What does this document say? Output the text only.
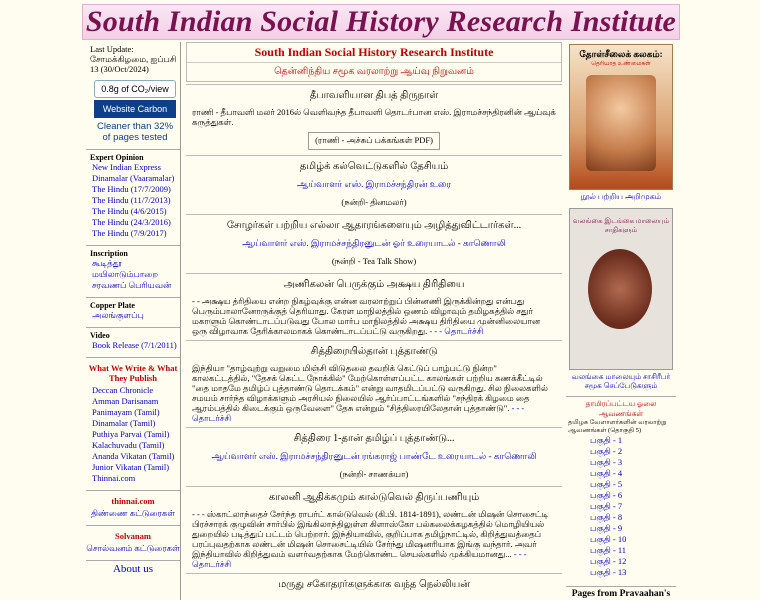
South Indian Social History Research Institute
Last Update: சோமக்கிழமை, ஐப்பசி 13 (30/Oct/2024)
0.8g of CO₂/view
Website Carbon
Cleaner than 32% of pages tested
Expert Opinion
New Indian Express
Dinamalar (Vaaramalar)
The Hindu (17/7/2009)
The Hindu (11/7/2013)
The Hindu (4/6/2015)
The Hindu (24/3/2016)
The Hindu (7/9/2017)
Inscription
கூடித்தூ
மயிலாடும்பாறை
சரவணப் பெரியவன்
Copper Plate
அலங்குளப்பு
Video
Book Release (7/1/2011)
What We Write & What They Publish
Deccan Chronicle
Amman Darisanam
Panimayam (Tamil)
Dinamalar (Tamil)
Puthiya Parvai (Tamil)
Kalachuvadu (Tamil)
Ananda Vikatan (Tamil)
Junior Vikatan (Tamil)
Thinnai.com
thinnai.com
திண்ணை கட்டுரைகள்
Solvanam
சொல்வனம் கட்டுரைகள்
About us
South Indian Social History Research Institute
தென்னிந்திய சமூக வரலாற்று ஆய்வு நிறுவனம்
தீபாவளியான திபத் திருநாள்
ராணி - தீபாவளி மலர் 2016ல் வெளிவந்த தீபாவளி தொடர்பான எஸ். இராமச்சந்திரனின் ஆய்வுக் கருத்துகள்.
(ராணி - அச்சுப் பக்கங்கள் PDF)
தமிழ்க் கல்வெட்டுகளில் தேசியம்
ஆய்வாளர் எஸ். இராமச்சந்திரன் உரை
(நன்றி- தினமலர்)
சோழர்கள் பற்றிய எல்லா ஆதாரங்களையும் அழித்துவிட்டார்கள்...
ஆய்வாளர் எஸ். இராமச்சந்திரனுடன் ஓர் உரையாடல் - காணொலி
(நன்றி - Tea Talk Show)
அணிகலன் பெருக்கும் அக்ஷய திரிதியை
- - அக்ஷய த்ரிதியை என்ற நிகழ்வுக்கு என்ன வரலாற்றுப் பின்னணி இருக்கின்றது என்பது பெரும்பாலானோருக்குத் தெரியாது. கேரள மாநிலத்தில் ஒணம் விழாவும் தமிழகத்தில் சதுர் மகாளும் கொண்டாடப்படுவது போல மார்ப மாநிலத்தில் அக்ஷய திரிதியை முன்னிலையான ஒரு விழாவாக தேரிக்காலமாகக் கொண்டாடப்பட்டு வருகிறது. - - - தொடர்ச்சி
சித்திரையில்தான் புத்தாண்டு
இந்தியா "தாழ்வுற்று வறுமை மிஞ்சி விடுதலை தவறிக் கெட்டுப் பாழ்பட்டு நின்ற" காலகட்டத்தில், "தேசக் கெட்ட நோக்கில்" மேற்கொள்ளப்பட்ட காலங்கள் பற்றிய கணக்கீட்டில் "தை மாதமே தமிழ்ப் புத்தாண்டு தொடக்கம்" என்று வாதமிடப்பட்டு வருகிறது. சில நிலைகளில் சமயம் சார்ந்த விழாக்களும் அரசியல் நிலையில் ஆர்ப்பாட்டங்களில் "சந்திரக் கிழமை தை ஆரம்பத்தில் கிடைக்கும் ஒருவேளை" தேசு என்றும் "சித்திரையிலேதான் புத்தாண்டு". - - - தொடர்ச்சி
சித்திரை 1-தான் தமிழ்ப் புத்தாண்டு...
ஆய்வாளர் எஸ். இராமச்சந்திரனுடன் ரங்கராஜ் பாண்டே உரையாடல் - காணொலி
(நன்றி- சாணக்யா)
காலனி ஆதிக்கமும் கால்டுவெல் திருப்பணியும்
- - - ஸ்காட்லாந்தைச் சேர்ந்த ராபர்ட் கால்டுவெல் (கி.பி. 1814-1891), லண்டன் மிஷன் சொசைட்டி பிரச்சாரக் குழுவின் சார்பில் இங்கிலாந்திலுள்ள கிளாஸ்கோ பல்கலைக்கழகத்தில் மொழியியல் துறையில் படித்துப் பட்டம் பெற்றார். இந்தியாவில், குறிப்பாக தமிழ்நாட்டில், கிறித்துவத்தைப் பரப்புவதற்காக லண்டன் மிஷன் சொசைட்டியில் சேர்ந்து மிஷனரியாக இங்கு வந்தார். அவர் இந்தியாவில் கிறித்துவம் வளர்வதற்காக மேற்கொண்ட செயல்களில் முக்கியமானது... - - - தொடர்ச்சி
மருது சகோதரர்களுக்காக வந்த நெல்லியன்
தோள்சீலைக் கலகம்:
தெரியாத உண்மைகள்
நூல் பற்றிய அறிமுகம்
வலங்கை இடங்கை மாலையும் சாதிகளும்
வலங்கை மாலையும் சாசிரீபர் சமூக செப்பேடுகளும்
தாமிரப்பட்டய ஓலை ஆவணங்கள்
தமிழக வேளாளர்களின் வரலாற்று ஆவணங்கள் (தொகுதி 5)
பகுதி - 1
பகுதி - 2
பகுதி - 3
பகுதி - 4
பகுதி - 5
பகுதி - 6
பகுதி - 7
பகுதி - 8
பகுதி - 9
பகுதி - 10
பகுதி - 11
பகுதி - 12
பகுதி - 13
Pages from Pravaahan's
